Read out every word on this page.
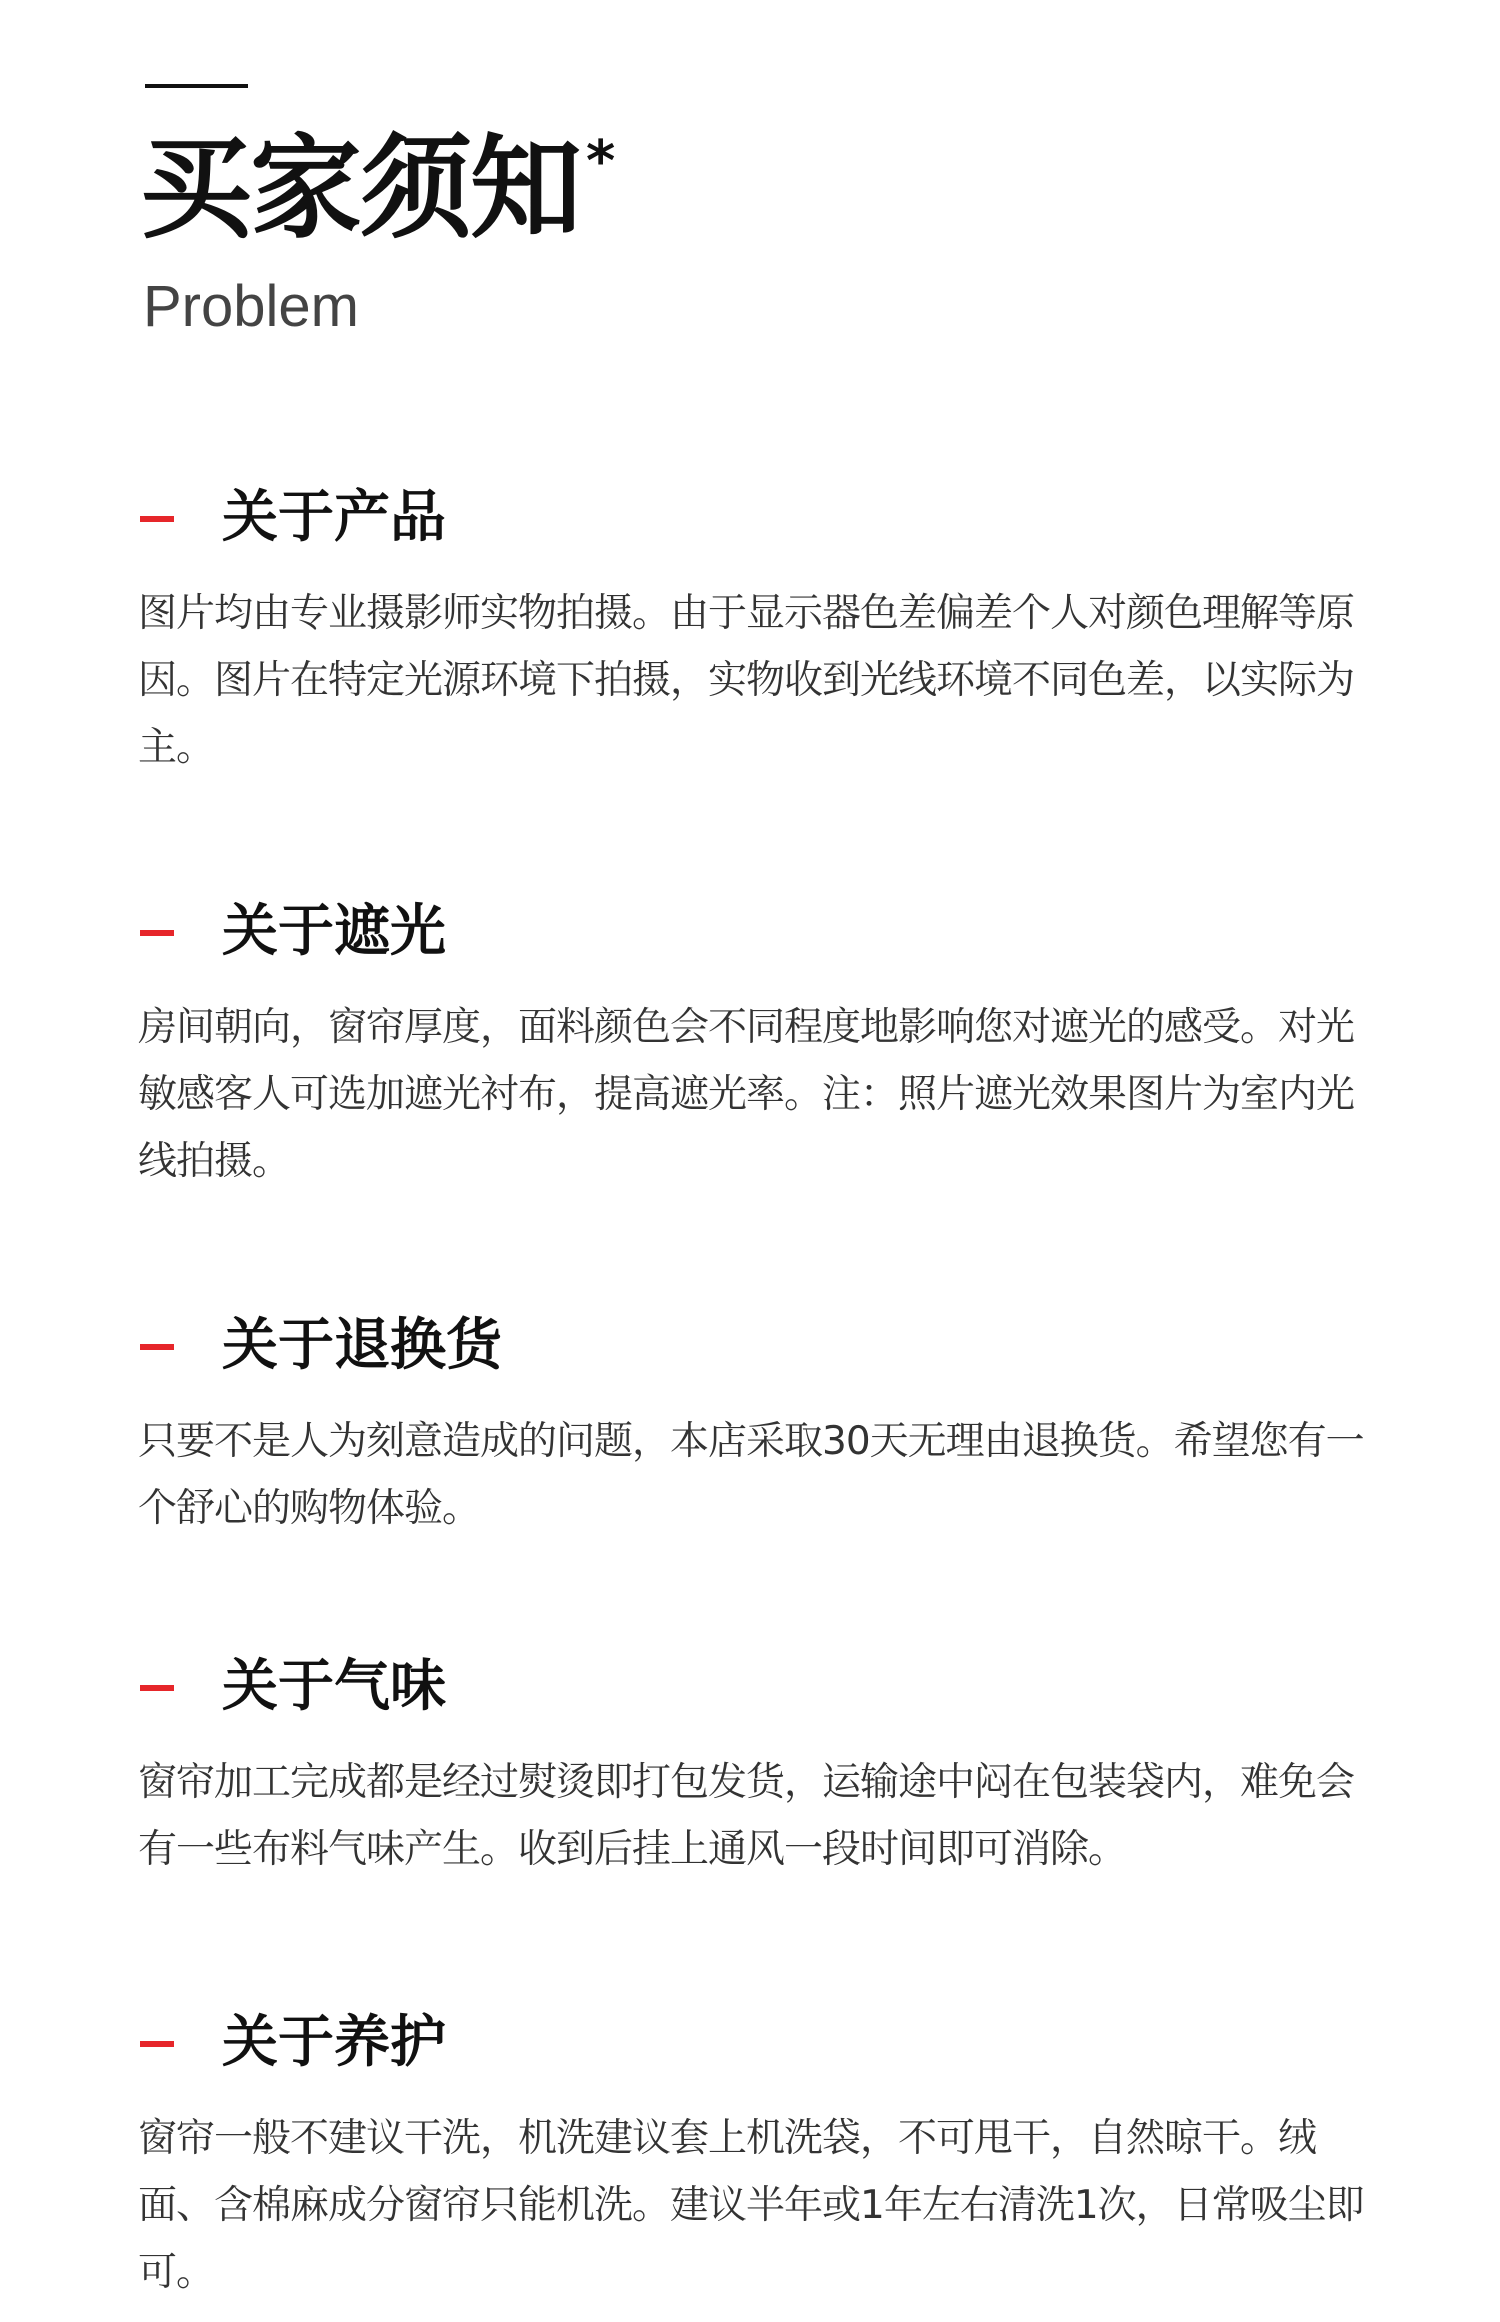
买家须知 *
Problem
关于产品

图片均由专业摄影师实物拍摄。由于显示器色差偏差个人对颜色理解等原因。图片在特定光源环境下拍摄，实物收到光线环境不同色差，以实际为主。

关于遮光

房间朝向，窗帘厚度，面料颜色会不同程度地影响您对遮光的感受。对光敏感客人可选加遮光衬布，提高遮光率。注：照片遮光效果图片为室内光线拍摄。

关于退换货

只要不是人为刻意造成的问题，本店采取30天无理由退换货。希望您有一个舒心的购物体验。

关于气味

窗帘加工完成都是经过熨烫即打包发货，运输途中闷在包装袋内，难免会有一些布料气味产生。收到后挂上通风一段时间即可消除。

关于养护

窗帘一般不建议干洗，机洗建议套上机洗袋，不可甩干，自然晾干。绒面、含棉麻成分窗帘只能机洗。建议半年或1年左右清洗1次，日常吸尘即可。
